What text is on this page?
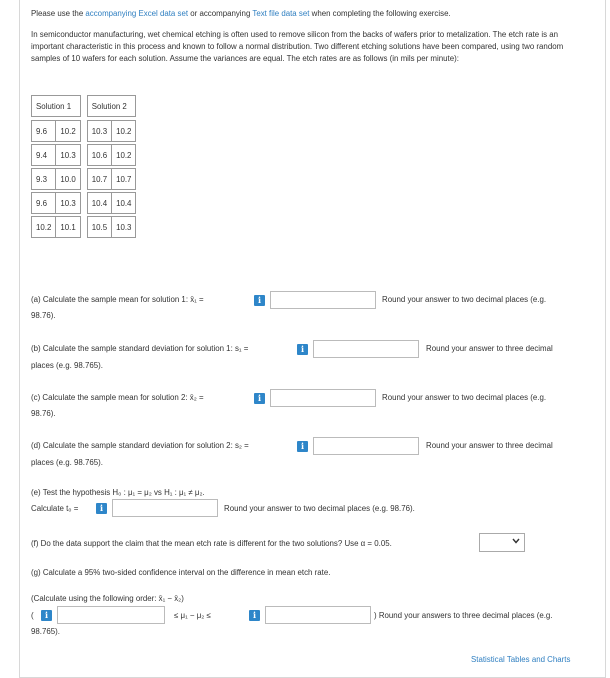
Please use the accompanying Excel data set or accompanying Text file data set when completing the following exercise.
In semiconductor manufacturing, wet chemical etching is often used to remove silicon from the backs of wafers prior to metalization. The etch rate is an important characteristic in this process and known to follow a normal distribution. Two different etching solutions have been compared, using two random samples of 10 wafers for each solution. Assume the variances are equal. The etch rates are as follows (in mils per minute):
Solution 1			Solution 2	

9.6	10.2		10.3	10.2

9.4	10.3		10.6	10.2

9.3	10.0		10.7	10.7

9.6	10.3		10.4	10.4

10.2	10.1		10.5	10.3
(a) Calculate the sample mean for solution 1: x̄₁ =	i	Round your answer to two decimal places (e.g.
98.76).
(b) Calculate the sample standard deviation for solution 1: s₁ =	i	Round your answer to three decimal
places (e.g. 98.765).
(c) Calculate the sample mean for solution 2: x̄₂ =	i	Round your answer to two decimal places (e.g.
98.76).
(d) Calculate the sample standard deviation for solution 2: s₂ =	i	Round your answer to three decimal
places (e.g. 98.765).
(e) Test the hypothesis H₀ : μ₁ = μ₂ vs H₁ : μ₁ ≠ μ₂.
Calculate t₀ =	i	Round your answer to two decimal places (e.g. 98.76).
(f) Do the data support the claim that the mean etch rate is different for the two solutions? Use α = 0.05.
(g) Calculate a 95% two-sided confidence interval on the difference in mean etch rate.
(Calculate using the following order: x̄₁ − x̄₂)
(	i	≤ μ₁ − μ₂ ≤	i	) Round your answers to three decimal places (e.g.
98.765).
Statistical Tables and Charts
